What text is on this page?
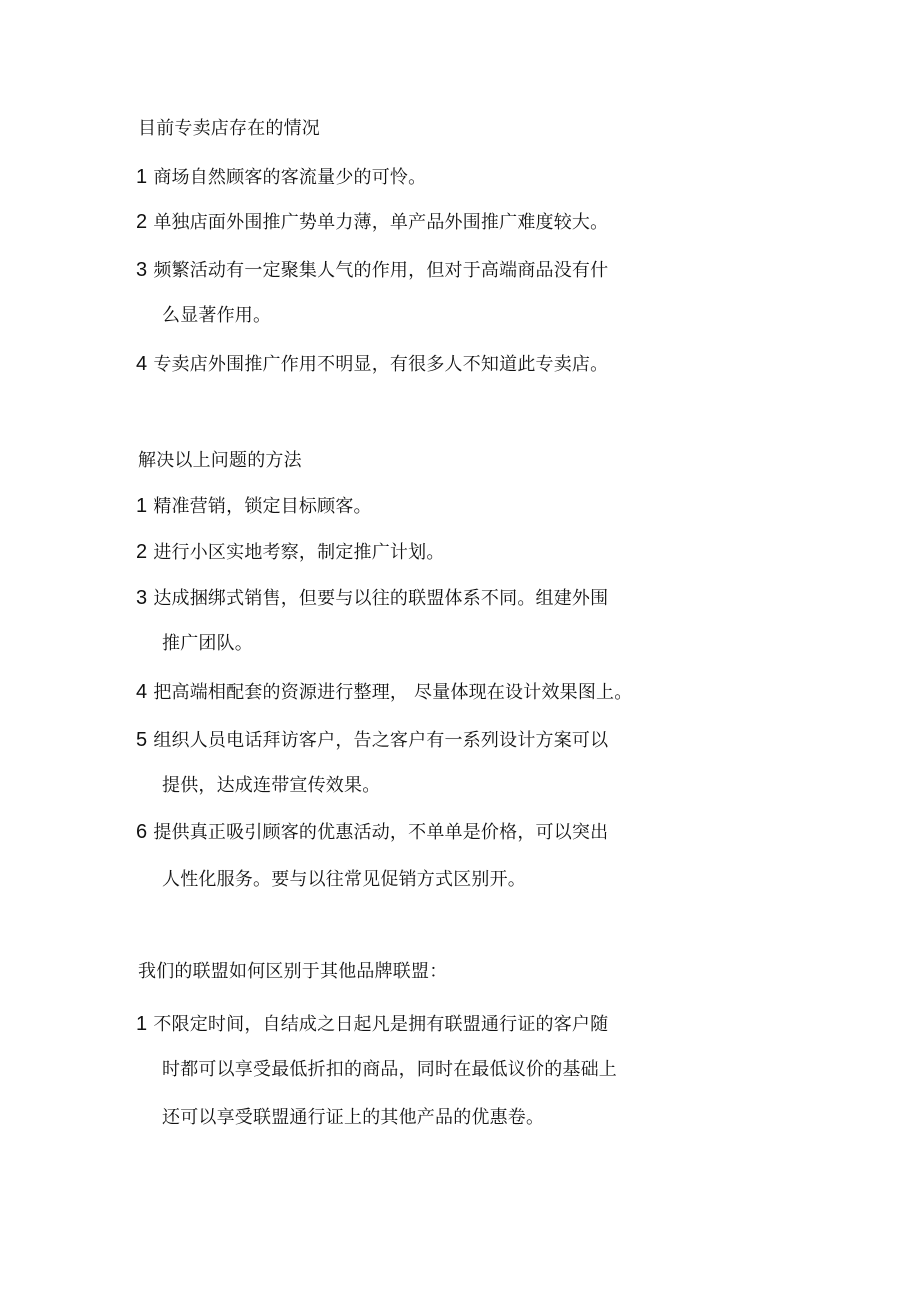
目前专卖店存在的情况
1 商场自然顾客的客流量少的可怜。
2 单独店面外围推广势单力薄，单产品外围推广难度较大。
3 频繁活动有一定聚集人气的作用，但对于高端商品没有什
么显著作用。
4 专卖店外围推广作用不明显，有很多人不知道此专卖店。
解决以上问题的方法
1 精准营销，锁定目标顾客。
2 进行小区实地考察，制定推广计划。
3 达成捆绑式销售，但要与以往的联盟体系不同。组建外围
推广团队。
4 把高端相配套的资源进行整理， 尽量体现在设计效果图上。
5 组织人员电话拜访客户，告之客户有一系列设计方案可以
提供，达成连带宣传效果。
6 提供真正吸引顾客的优惠活动，不单单是价格，可以突出
人性化服务。要与以往常见促销方式区别开。
我们的联盟如何区别于其他品牌联盟：
1 不限定时间，自结成之日起凡是拥有联盟通行证的客户随
时都可以享受最低折扣的商品，同时在最低议价的基础上
还可以享受联盟通行证上的其他产品的优惠卷。
